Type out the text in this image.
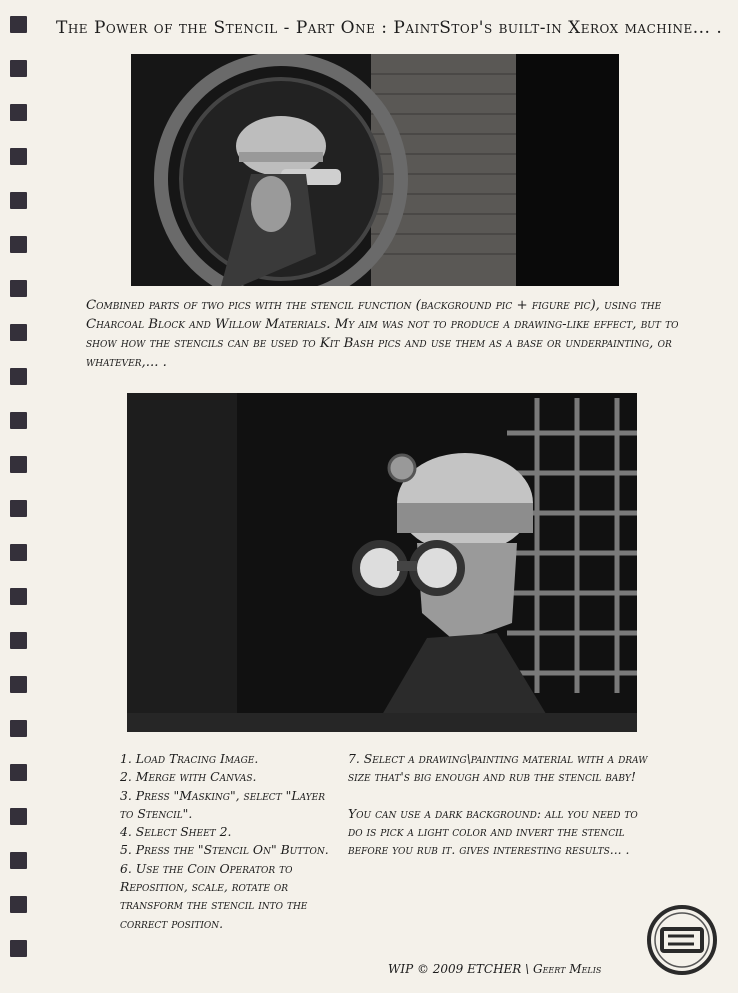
The Power of the Stencil - Part One : PaintStop's built-in Xerox machine... .
Combined parts of two pics with the stencil function (background pic + figure pic), using the Charcoal Block and Willow Materials. My aim was not to produce a drawing-like effect, but to show how the stencils can be used to Kit Bash pics and use them as a base or underpainting, or whatever,... .
1. Load Tracing Image.
2. Merge with Canvas.
3. Press "Masking", select "Layer to Stencil".
4. Select Sheet 2.
5. Press the "Stencil On" Button.
6. Use the Coin Operator to Reposition, scale, rotate or transform the stencil into the correct position.

7. Select a drawing\painting material with a draw size that's big enough and rub the stencil baby!

You can use a dark background: all you need to do is pick a light color and invert the stencil before you rub it. gives interesting results... .

WIP © 2009 ETCHER \ Geert Melis
